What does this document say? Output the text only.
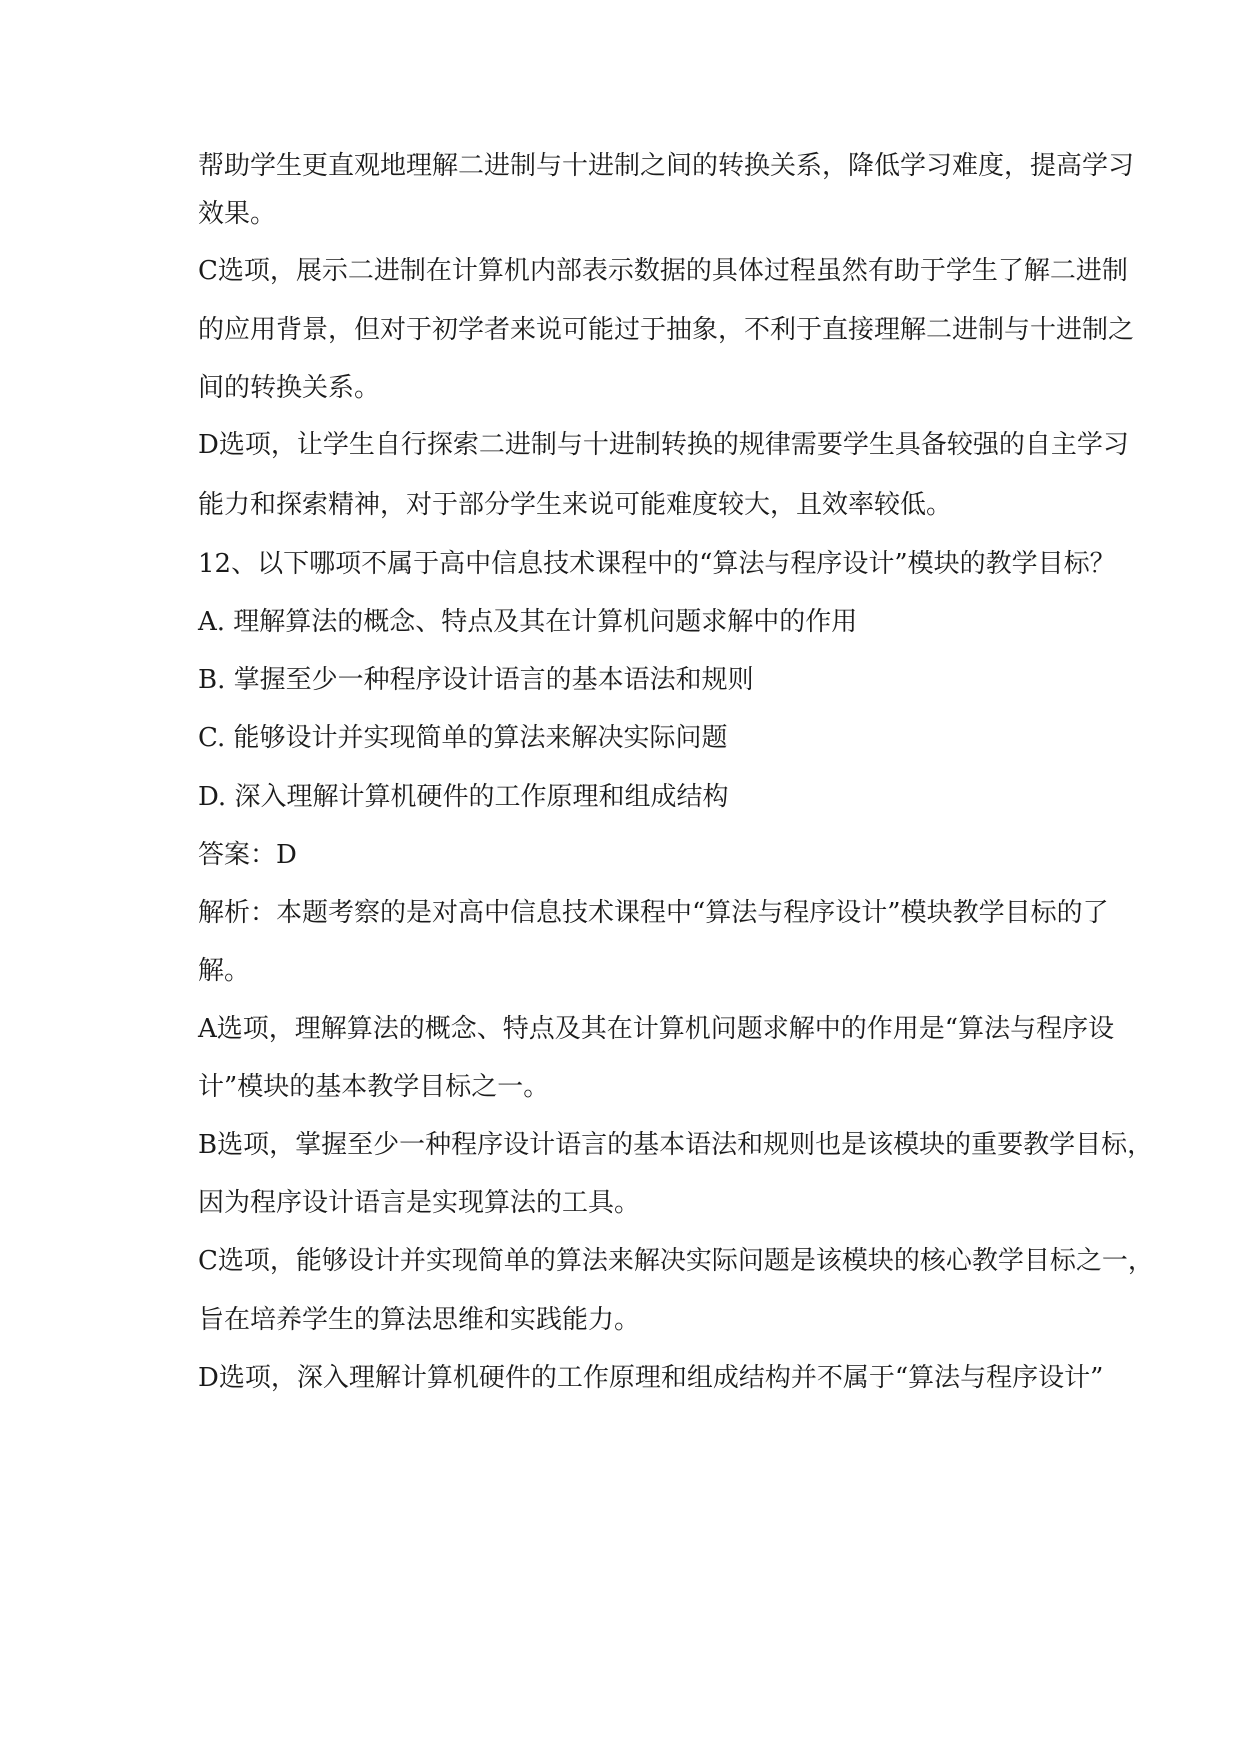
帮助学生更直观地理解二进制与十进制之间的转换关系，降低学习难度，提高学习

效果。

C选项，展示二进制在计算机内部表示数据的具体过程虽然有助于学生了解二进制

的应用背景，但对于初学者来说可能过于抽象，不利于直接理解二进制与十进制之

间的转换关系。

D选项，让学生自行探索二进制与十进制转换的规律需要学生具备较强的自主学习

能力和探索精神，对于部分学生来说可能难度较大，且效率较低。

12、以下哪项不属于高中信息技术课程中的“算法与程序设计”模块的教学目标？

A. 理解算法的概念、特点及其在计算机问题求解中的作用

B. 掌握至少一种程序设计语言的基本语法和规则

C. 能够设计并实现简单的算法来解决实际问题

D. 深入理解计算机硬件的工作原理和组成结构

答案：D

解析：本题考察的是对高中信息技术课程中“算法与程序设计”模块教学目标的了

解。

A选项，理解算法的概念、特点及其在计算机问题求解中的作用是“算法与程序设

计”模块的基本教学目标之一。

B选项，掌握至少一种程序设计语言的基本语法和规则也是该模块的重要教学目标，

因为程序设计语言是实现算法的工具。

C选项，能够设计并实现简单的算法来解决实际问题是该模块的核心教学目标之一，

旨在培养学生的算法思维和实践能力。

D选项，深入理解计算机硬件的工作原理和组成结构并不属于“算法与程序设计”
